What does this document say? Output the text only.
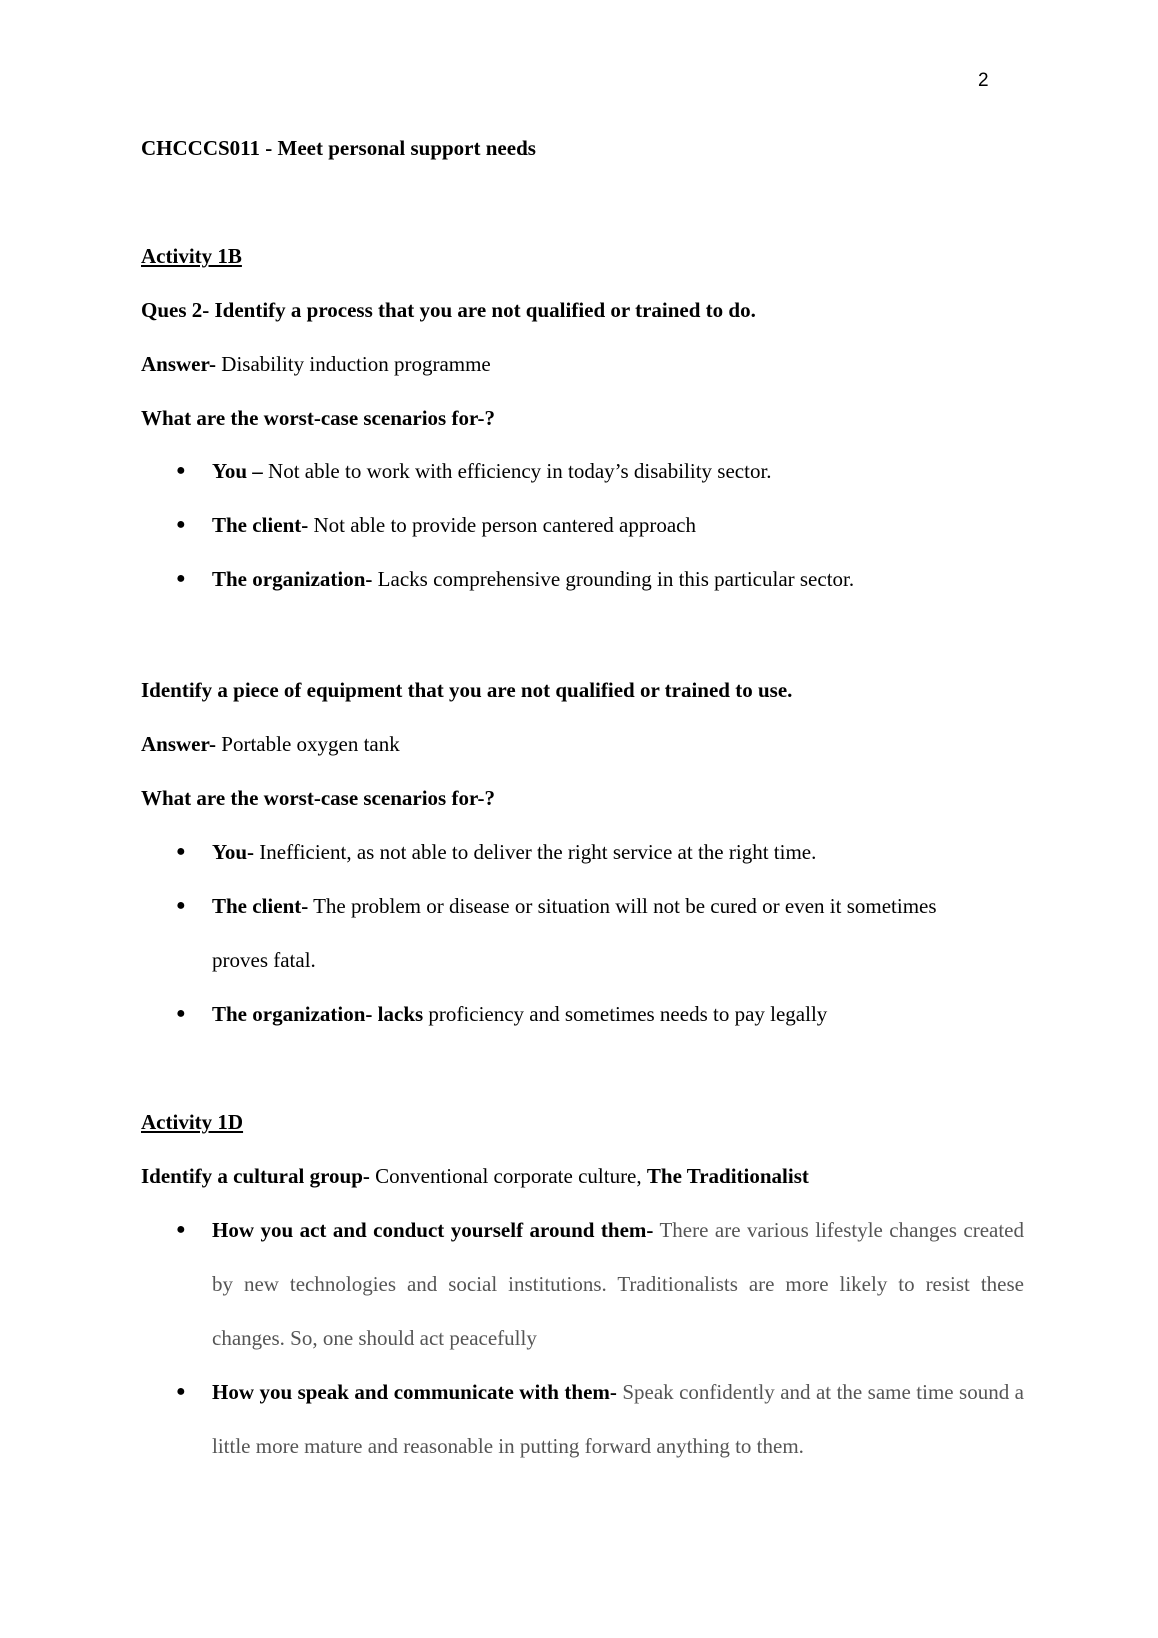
2
CHCCCS011 - Meet personal support needs
Activity 1B
Ques 2- Identify a process that you are not qualified or trained to do.
Answer- Disability induction programme
What are the worst-case scenarios for-?
● You – Not able to work with efficiency in today’s disability sector.
● The client- Not able to provide person cantered approach
● The organization- Lacks comprehensive grounding in this particular sector.
Identify a piece of equipment that you are not qualified or trained to use.
Answer- Portable oxygen tank
What are the worst-case scenarios for-?
● You- Inefficient, as not able to deliver the right service at the right time.
● The client- The problem or disease or situation will not be cured or even it sometimes
proves fatal.
● The organization- lacks proficiency and sometimes needs to pay legally
Activity 1D
Identify a cultural group- Conventional corporate culture, The Traditionalist
● How you act and conduct yourself around them- There are various lifestyle changes created by new technologies and social institutions. Traditionalists are more likely to resist these changes. So, one should act peacefully
● How you speak and communicate with them- Speak confidently and at the same time sound a little more mature and reasonable in putting forward anything to them.
